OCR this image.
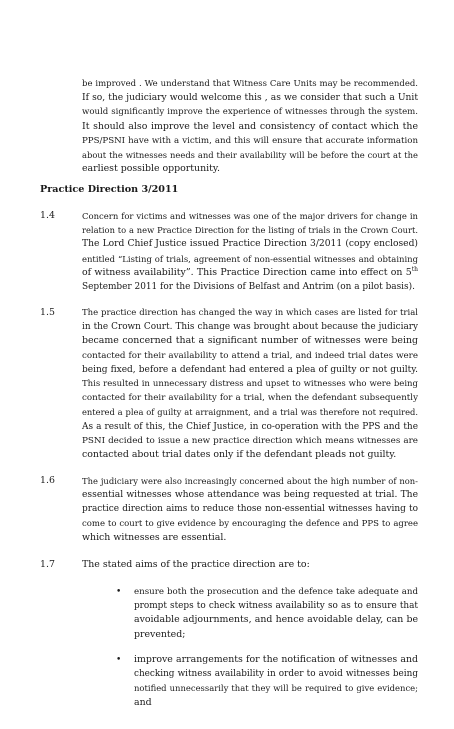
be improved . We understand that Witness Care Units may be recommended.
If so, the judiciary would welcome this , as we consider that such a Unit
would significantly improve the experience of witnesses through the system.
It should also improve the level and consistency of contact which the
PPS/PSNI have with a victim, and this will ensure that accurate information
about the witnesses needs and their availability will be before the court at the
earliest possible opportunity.
Practice Direction 3/2011
1.4	Concern for victims and witnesses was one of the major drivers for change in
relation to a new Practice Direction for the listing of trials in the Crown Court.
The Lord Chief Justice issued Practice Direction 3/2011 (copy enclosed)
entitled “Listing of trials, agreement of non-essential witnesses and obtaining
of witness availability”. This Practice Direction came into effect on 5th
September 2011 for the Divisions of Belfast and Antrim (on a pilot basis).
1.5	The practice direction has changed the way in which cases are listed for trial
in the Crown Court. This change was brought about because the judiciary
became concerned that a significant number of witnesses were being
contacted for their availability to attend a trial, and indeed trial dates were
being fixed, before a defendant had entered a plea of guilty or not guilty.
This resulted in unnecessary distress and upset to witnesses who were being
contacted for their availability for a trial, when the defendant subsequently
entered a plea of guilty at arraignment, and a trial was therefore not required.
As a result of this, the Chief Justice, in co-operation with the PPS and the
PSNI decided to issue a new practice direction which means witnesses are
contacted about trial dates only if the defendant pleads not guilty.
1.6	The judiciary were also increasingly concerned about the high number of non-
essential witnesses whose attendance was being requested at trial. The
practice direction aims to reduce those non-essential witnesses having to
come to court to give evidence by encouraging the defence and PPS to agree
which witnesses are essential.
1.7	The stated aims of the practice direction are to:
• ensure both the prosecution and the defence take adequate and
prompt steps to check witness availability so as to ensure that
avoidable adjournments, and hence avoidable delay, can be
prevented;
• improve arrangements for the notification of witnesses and
checking witness availability in order to avoid witnesses being
notified unnecessarily that they will be required to give evidence;
and
